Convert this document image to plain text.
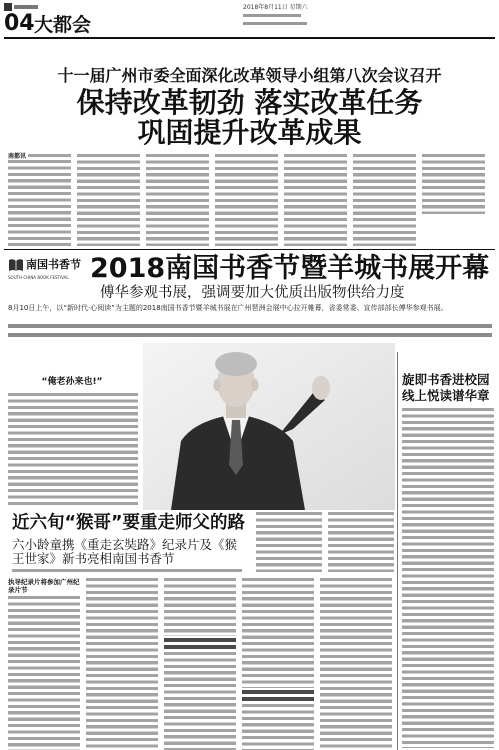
04 大都会
2018年8月11日 星期六
十一届广州市委全面深化改革领导小组第八次会议召开
保持改革韧劲 落实改革任务
巩固提升改革成果
南都讯
南国书香节
SOUTH CHINA BOOK FESTIVAL 2018南国书香节暨羊城书展开幕
傅华参观书展，强调要加大优质出版物供给力度
8月10日上午，以“新时代·心阅读”为主题的2018南国书香节暨羊城书展在广州琶洲会展中心拉开帷幕，省委常委、宣传部部长傅华参观书展。
“俺老孙来也!”	旋即书香进校园
线上悦读谱华章
近六旬“猴哥”要重走师父的路
六小龄童携《重走玄奘路》纪录片及《猴王世家》新书亮相南国书香节
执导纪录片将参加广州纪录片节
